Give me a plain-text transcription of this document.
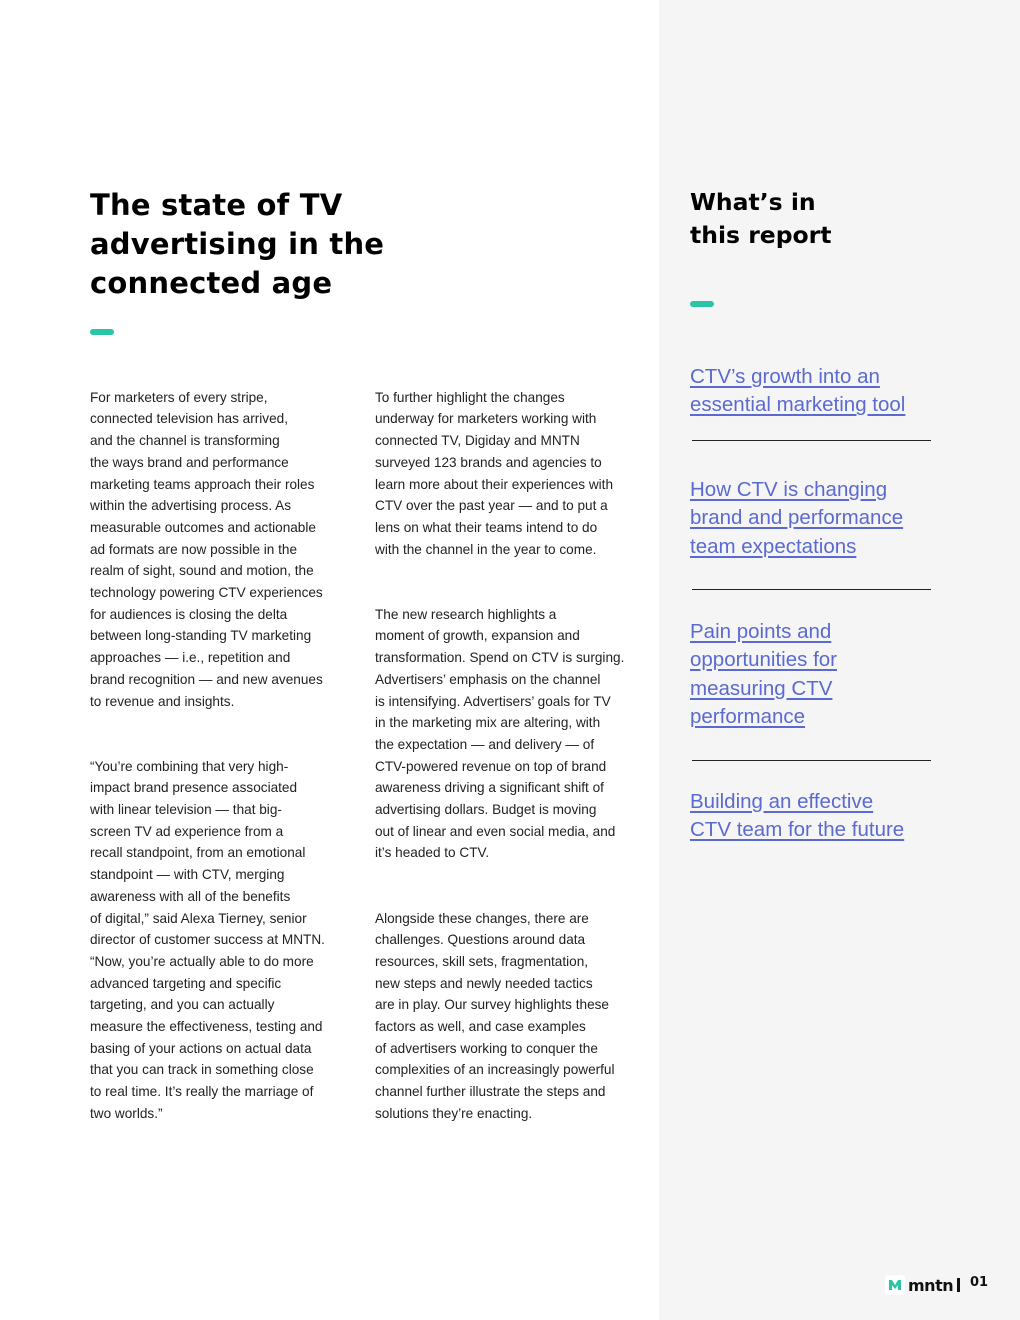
The state of TV
advertising in the
connected age

For marketers of every stripe,
connected television has arrived,
and the channel is transforming
the ways brand and performance
marketing teams approach their roles
within the advertising process. As
measurable outcomes and actionable
ad formats are now possible in the
realm of sight, sound and motion, the
technology powering CTV experiences
for audiences is closing the delta
between long-standing TV marketing
approaches — i.e., repetition and
brand recognition — and new avenues
to revenue and insights.

“You’re combining that very high-
impact brand presence associated
with linear television — that big-
screen TV ad experience from a
recall standpoint, from an emotional
standpoint — with CTV, merging
awareness with all of the benefits
of digital,” said Alexa Tierney, senior
director of customer success at MNTN.
“Now, you’re actually able to do more
advanced targeting and specific
targeting, and you can actually
measure the effectiveness, testing and
basing of your actions on actual data
that you can track in something close
to real time. It’s really the marriage of
two worlds.”

To further highlight the changes
underway for marketers working with
connected TV, Digiday and MNTN
surveyed 123 brands and agencies to
learn more about their experiences with
CTV over the past year — and to put a
lens on what their teams intend to do
with the channel in the year to come.

The new research highlights a
moment of growth, expansion and
transformation. Spend on CTV is surging.
Advertisers’ emphasis on the channel
is intensifying. Advertisers’ goals for TV
in the marketing mix are altering, with
the expectation — and delivery — of
CTV-powered revenue on top of brand
awareness driving a significant shift of
advertising dollars. Budget is moving
out of linear and even social media, and
it’s headed to CTV.

Alongside these changes, there are
challenges. Questions around data
resources, skill sets, fragmentation,
new steps and newly needed tactics
are in play. Our survey highlights these
factors as well, and case examples
of advertisers working to conquer the
complexities of an increasingly powerful
channel further illustrate the steps and
solutions they’re enacting.

What’s in
this report
CTV’s growth into an
essential marketing tool
How CTV is changing
brand and performance
team expectations
Pain points and
opportunities for
measuring CTV
performance
Building an effective
CTV team for the future
mntn 01
